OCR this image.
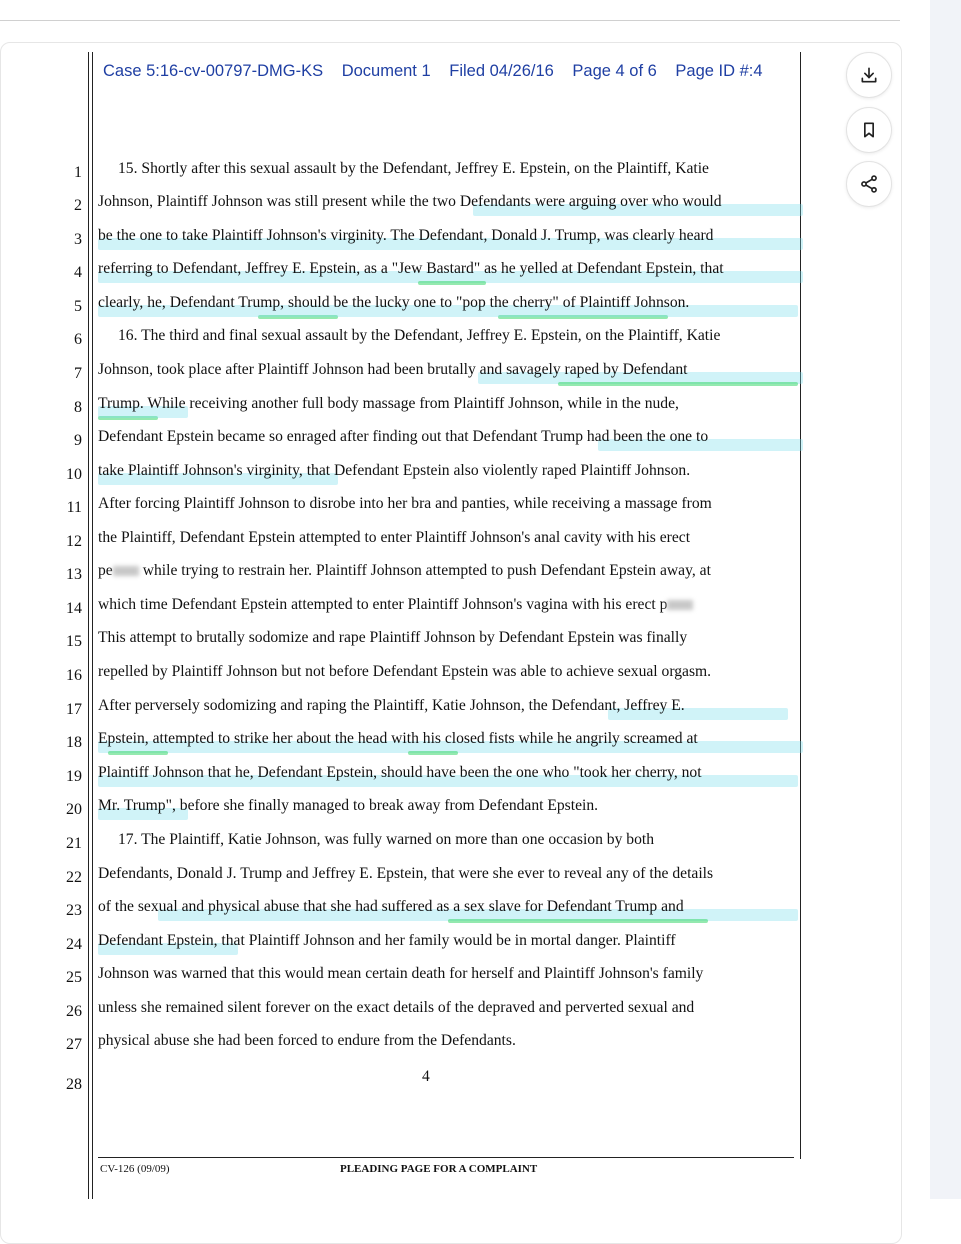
Case 5:16-cv-00797-DMG-KS Document 1 Filed 04/26/16 Page 4 of 6 Page ID #:4
1
2
3
4
5
6
7
8
9
10
11
12
13
14
15
16
17
18
19
20
21
22
23
24
25
26
27
28
15. Shortly after this sexual assault by the Defendant, Jeffrey E. Epstein, on the Plaintiff, Katie
Johnson, Plaintiff Johnson was still present while the two Defendants were arguing over who would
be the one to take Plaintiff Johnson's virginity. The Defendant, Donald J. Trump, was clearly heard
referring to Defendant, Jeffrey E. Epstein, as a "Jew Bastard" as he yelled at Defendant Epstein, that
clearly, he, Defendant Trump, should be the lucky one to "pop the cherry" of Plaintiff Johnson.
16. The third and final sexual assault by the Defendant, Jeffrey E. Epstein, on the Plaintiff, Katie
Johnson, took place after Plaintiff Johnson had been brutally and savagely raped by Defendant
Trump. While receiving another full body massage from Plaintiff Johnson, while in the nude,
Defendant Epstein became so enraged after finding out that Defendant Trump had been the one to
take Plaintiff Johnson's virginity, that Defendant Epstein also violently raped Plaintiff Johnson.
After forcing Plaintiff Johnson to disrobe into her bra and panties, while receiving a massage from
the Plaintiff, Defendant Epstein attempted to enter Plaintiff Johnson's anal cavity with his erect
pe while trying to restrain her. Plaintiff Johnson attempted to push Defendant Epstein away, at
which time Defendant Epstein attempted to enter Plaintiff Johnson's vagina with his erect p
This attempt to brutally sodomize and rape Plaintiff Johnson by Defendant Epstein was finally
repelled by Plaintiff Johnson but not before Defendant Epstein was able to achieve sexual orgasm.
After perversely sodomizing and raping the Plaintiff, Katie Johnson, the Defendant, Jeffrey E.
Epstein, attempted to strike her about the head with his closed fists while he angrily screamed at
Plaintiff Johnson that he, Defendant Epstein, should have been the one who "took her cherry, not
Mr. Trump", before she finally managed to break away from Defendant Epstein.
17. The Plaintiff, Katie Johnson, was fully warned on more than one occasion by both
Defendants, Donald J. Trump and Jeffrey E. Epstein, that were she ever to reveal any of the details
of the sexual and physical abuse that she had suffered as a sex slave for Defendant Trump and
Defendant Epstein, that Plaintiff Johnson and her family would be in mortal danger. Plaintiff
Johnson was warned that this would mean certain death for herself and Plaintiff Johnson's family
unless she remained silent forever on the exact details of the depraved and perverted sexual and
physical abuse she had been forced to endure from the Defendants.
4
CV-126 (09/09)	PLEADING PAGE FOR A COMPLAINT
